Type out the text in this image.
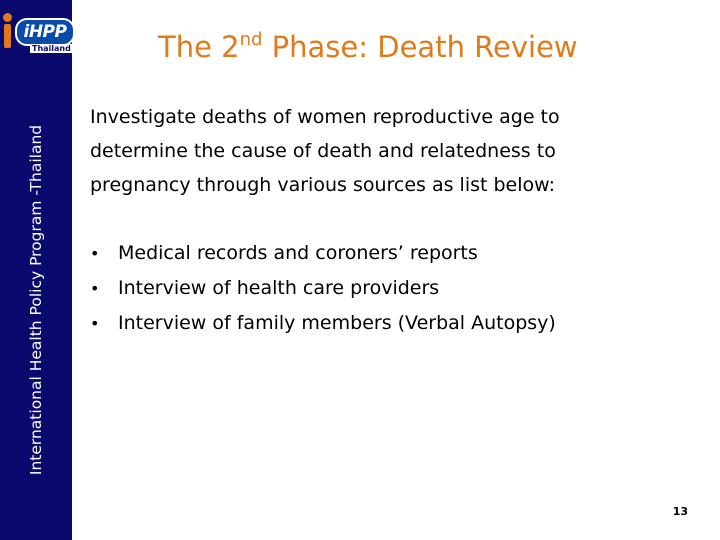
iHPP
Thailand
International Health Policy Program -Thailand
The 2nd Phase: Death Review
Investigate deaths of women reproductive age to determine the cause of death and relatedness to pregnancy through various sources as list below:
• Medical records and coroners’ reports
• Interview of health care providers
• Interview of family members (Verbal Autopsy)
13
